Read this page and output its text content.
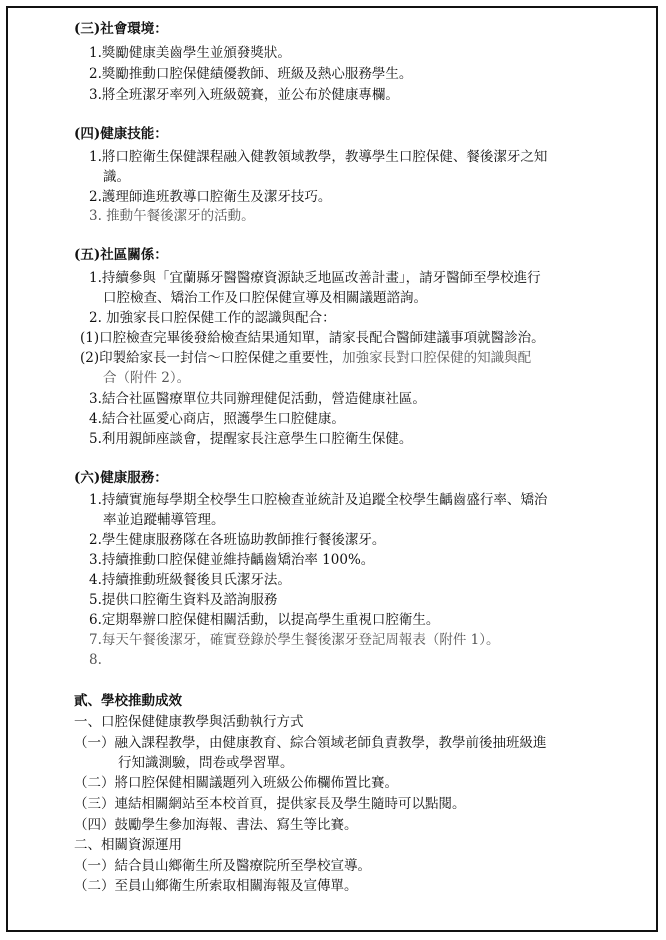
(三)社會環境：
1.獎勵健康美齒學生並頒發獎狀。
2.獎勵推動口腔保健績優教師、班級及熱心服務學生。
3.將全班潔牙率列入班級競賽，並公布於健康專欄。
(四)健康技能：
1.將口腔衛生保健課程融入健教領域教學，教導學生口腔保健、餐後潔牙之知
識。
2.護理師進班教導口腔衛生及潔牙技巧。
3. 推動午餐後潔牙的活動。
(五)社區關係：
1.持續參與「宜蘭縣牙醫醫療資源缺乏地區改善計畫」，請牙醫師至學校進行
口腔檢查、矯治工作及口腔保健宣導及相關議題諮詢。
2. 加強家長口腔保健工作的認識與配合：
(1)口腔檢查完畢後發給檢查結果通知單，請家長配合醫師建議事項就醫診治。
(2)印製給家長一封信～口腔保健之重要性，加強家長對口腔保健的知識與配
合（附件 2）。
3.結合社區醫療單位共同辦理健促活動，營造健康社區。
4.結合社區愛心商店，照護學生口腔健康。
5.利用親師座談會，提醒家長注意學生口腔衛生保健。
(六)健康服務：
1.持續實施每學期全校學生口腔檢查並統計及追蹤全校學生齲齒盛行率、矯治
率並追蹤輔導管理。
2.學生健康服務隊在各班協助教師推行餐後潔牙。
3.持續推動口腔保健並維持齲齒矯治率 100%。
4.持續推動班級餐後貝氏潔牙法。
5.提供口腔衛生資料及諮詢服務
6.定期舉辦口腔保健相關活動，以提高學生重視口腔衛生。
7.每天午餐後潔牙，確實登錄於學生餐後潔牙登記周報表（附件 1）。
8.
貳、學校推動成效
一、口腔保健健康教學與活動執行方式
（一）融入課程教學，由健康教育、綜合領域老師負責教學，教學前後抽班級進
行知識測驗，問卷或學習單。
（二）將口腔保健相關議題列入班級公佈欄佈置比賽。
（三）連結相關網站至本校首頁，提供家長及學生隨時可以點閱。
（四）鼓勵學生參加海報、書法、寫生等比賽。
二、相關資源運用
（一）結合員山鄉衛生所及醫療院所至學校宣導。
（二）至員山鄉衛生所索取相關海報及宣傳單。
